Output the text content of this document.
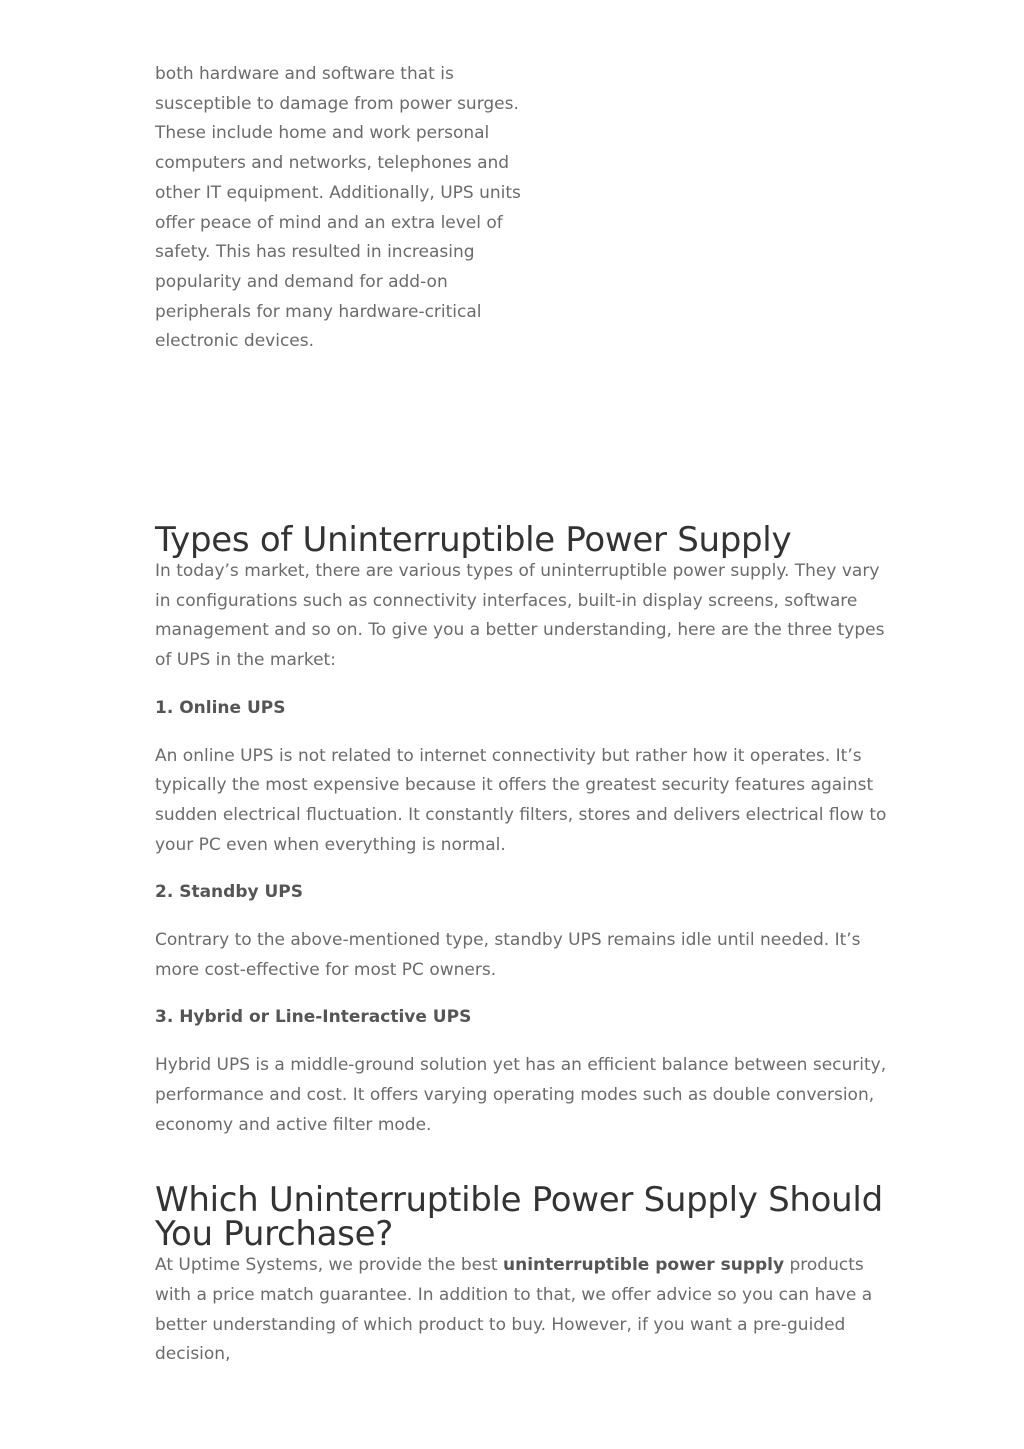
both hardware and software that is susceptible to damage from power surges. These include home and work personal computers and networks, telephones and other IT equipment. Additionally, UPS units offer peace of mind and an extra level of safety. This has resulted in increasing popularity and demand for add-on peripherals for many hardware-critical electronic devices.

Types of Uninterruptible Power Supply

In today’s market, there are various types of uninterruptible power supply. They vary in configurations such as connectivity interfaces, built-in display screens, software management and so on. To give you a better understanding, here are the three types of UPS in the market:

1. Online UPS

An online UPS is not related to internet connectivity but rather how it operates. It’s typically the most expensive because it offers the greatest security features against sudden electrical fluctuation. It constantly filters, stores and delivers electrical flow to your PC even when everything is normal.

2. Standby UPS

Contrary to the above-mentioned type, standby UPS remains idle until needed. It’s more cost-effective for most PC owners.

3. Hybrid or Line-Interactive UPS

Hybrid UPS is a middle-ground solution yet has an efficient balance between security, performance and cost. It offers varying operating modes such as double conversion, economy and active filter mode.

Which Uninterruptible Power Supply Should You Purchase?

At Uptime Systems, we provide the best uninterruptible power supply products with a price match guarantee. In addition to that, we offer advice so you can have a better understanding of which product to buy. However, if you want a pre-guided decision,
